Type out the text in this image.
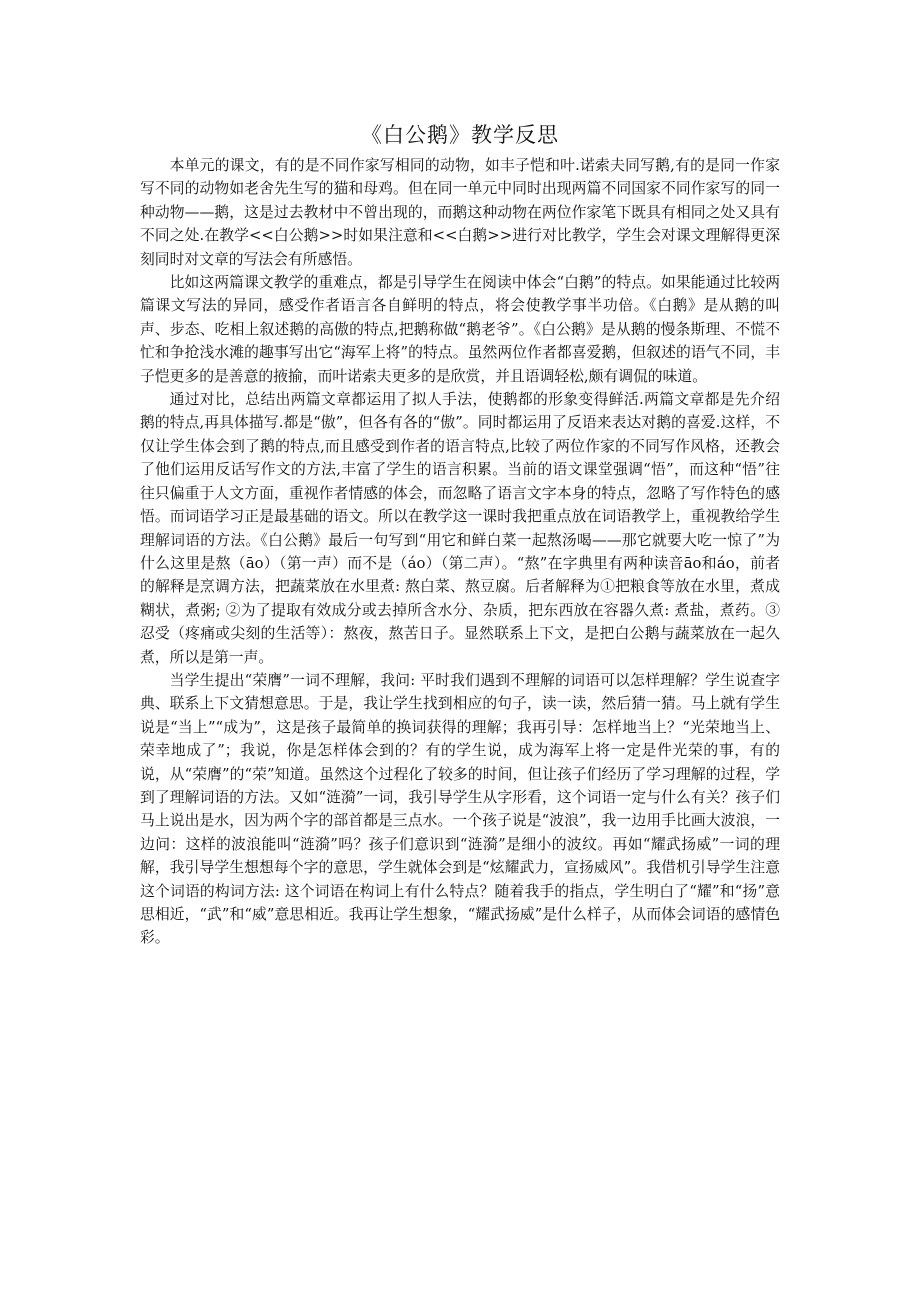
《白公鹅》教学反思

本单元的课文，有的是不同作家写相同的动物，如丰子恺和叶.诺索夫同写鹅,有的是同一作家写不同的动物如老舍先生写的猫和母鸡。但在同一单元中同时出现两篇不同国家不同作家写的同一种动物——鹅，这是过去教材中不曾出现的，而鹅这种动物在两位作家笔下既具有相同之处又具有不同之处.在教学<<白公鹅>>时如果注意和<<白鹅>>进行对比教学，学生会对课文理解得更深刻同时对文章的写法会有所感悟。

比如这两篇课文教学的重难点，都是引导学生在阅读中体会“白鹅”的特点。如果能通过比较两篇课文写法的异同，感受作者语言各自鲜明的特点，将会使教学事半功倍。《白鹅》是从鹅的叫声、步态、吃相上叙述鹅的高傲的特点,把鹅称做“鹅老爷”。《白公鹅》是从鹅的慢条斯理、不慌不忙和争抢浅水滩的趣事写出它“海军上将”的特点。虽然两位作者都喜爱鹅，但叙述的语气不同，丰子恺更多的是善意的掖揄，而叶诺索夫更多的是欣赏，并且语调轻松,颇有调侃的味道。

通过对比，总结出两篇文章都运用了拟人手法，使鹅都的形象变得鲜活.两篇文章都是先介绍鹅的特点,再具体描写.都是“傲”，但各有各的“傲”。同时都运用了反语来表达对鹅的喜爱.这样，不仅让学生体会到了鹅的特点,而且感受到作者的语言特点,比较了两位作家的不同写作风格，还教会了他们运用反话写作文的方法,丰富了学生的语言积累。当前的语文课堂强调“悟”，而这种“悟”往往只偏重于人文方面，重视作者情感的体会，而忽略了语言文字本身的特点，忽略了写作特色的感悟。而词语学习正是最基础的语文。所以在教学这一课时我把重点放在词语教学上，重视教给学生理解词语的方法。《白公鹅》最后一句写到“用它和鲜白菜一起熬汤喝——那它就要大吃一惊了”为什么这里是熬（āo）（第一声）而不是（áo）（第二声）。“熬”在字典里有两种读音āo和áo，前者的解释是烹调方法，把蔬菜放在水里煮: 熬白菜、熬豆腐。后者解释为①把粮食等放在水里，煮成糊状，煮粥; ②为了提取有效成分或去掉所含水分、杂质，把东西放在容器久煮: 煮盐，煮药。③忍受（疼痛或尖刻的生活等）：熬夜，熬苦日子。显然联系上下文，是把白公鹅与蔬菜放在一起久煮，所以是第一声。

当学生提出“荣膺”一词不理解，我问: 平时我们遇到不理解的词语可以怎样理解？学生说查字典、联系上下文猜想意思。于是，我让学生找到相应的句子，读一读，然后猜一猜。马上就有学生说是“当上”“成为”，这是孩子最简单的换词获得的理解；我再引导：怎样地当上？“光荣地当上、荣幸地成了”；我说，你是怎样体会到的？有的学生说，成为海军上将一定是件光荣的事，有的说，从“荣膺”的“荣”知道。虽然这个过程化了较多的时间，但让孩子们经历了学习理解的过程，学到了理解词语的方法。又如“涟漪”一词，我引导学生从字形看，这个词语一定与什么有关？孩子们马上说出是水，因为两个字的部首都是三点水。一个孩子说是“波浪”，我一边用手比画大波浪，一边问：这样的波浪能叫“涟漪”吗？孩子们意识到“涟漪”是细小的波纹。再如“耀武扬威”一词的理解，我引导学生想想每个字的意思，学生就体会到是“炫耀武力，宣扬威风”。我借机引导学生注意这个词语的构词方法: 这个词语在构词上有什么特点？随着我手的指点，学生明白了“耀”和“扬”意思相近，“武”和“威”意思相近。我再让学生想象，“耀武扬威”是什么样子，从而体会词语的感情色彩。
